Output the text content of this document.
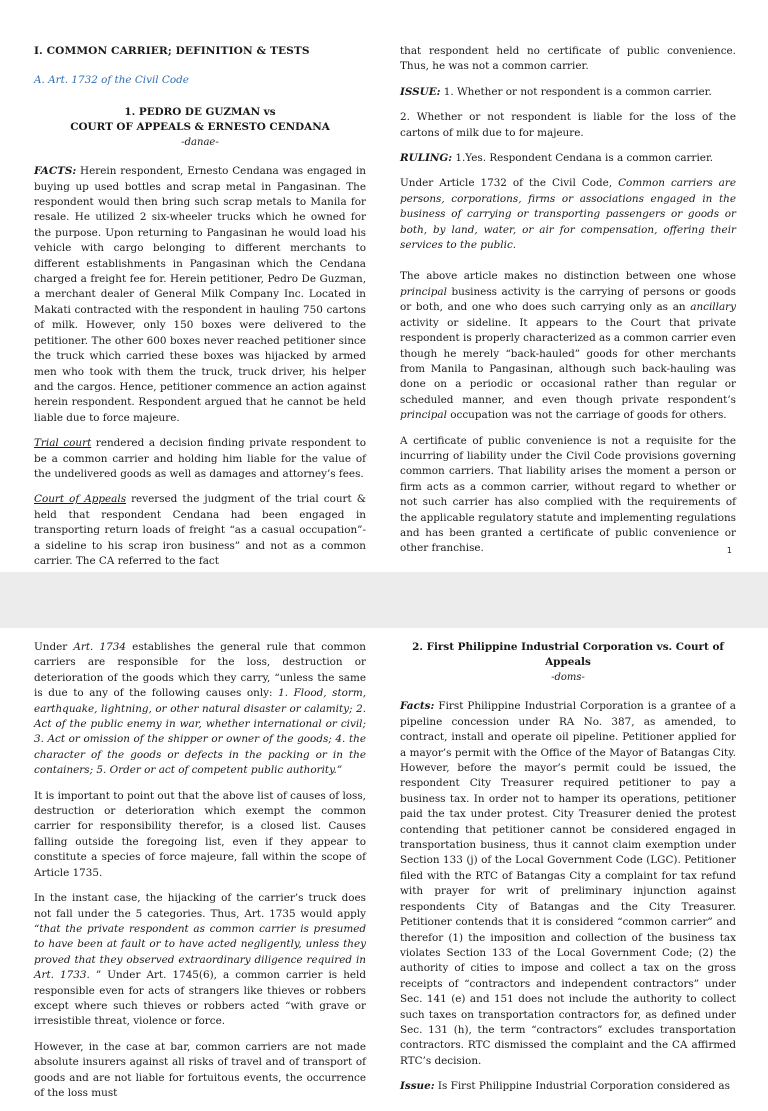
I. COMMON CARRIER; DEFINITION & TESTS

A. Art. 1732 of the Civil Code

1. PEDRO DE GUZMAN vs

COURT OF APPEALS & ERNESTO CENDANA

-danae-

FACTS: Herein respondent, Ernesto Cendana was engaged in buying up used bottles and scrap metal in Pangasinan. The respondent would then bring such scrap metals to Manila for resale. He utilized 2 six-wheeler trucks which he owned for the purpose. Upon returning to Pangasinan he would load his vehicle with cargo belonging to different merchants to different establishments in Pangasinan which the Cendana charged a freight fee for. Herein petitioner, Pedro De Guzman, a merchant dealer of General Milk Company Inc. Located in Makati contracted with the respondent in hauling 750 cartons of milk. However, only 150 boxes were delivered to the petitioner. The other 600 boxes never reached petitioner since the truck which carried these boxes was hijacked by armed men who took with them the truck, truck driver, his helper and the cargos. Hence, petitioner commence an action against herein respondent. Respondent argued that he cannot be held liable due to force majeure.

Trial court rendered a decision finding private respondent to be a common carrier and holding him liable for the value of the undelivered goods as well as damages and attorney’s fees.

Court of Appeals reversed the judgment of the trial court & held that respondent Cendana had been engaged in transporting return loads of freight “as a casual occupation”- a sideline to his scrap iron business” and not as a common carrier. The CA referred to the fact

that respondent held no certificate of public convenience. Thus, he was not a common carrier.

ISSUE: 1. Whether or not respondent is a common carrier.

2. Whether or not respondent is liable for the loss of the cartons of milk due to for majeure.

RULING: 1.Yes. Respondent Cendana is a common carrier.

Under Article 1732 of the Civil Code, Common carriers are persons, corporations, firms or associations engaged in the business of carrying or transporting passengers or goods or both, by land, water, or air for compensation, offering their services to the public.

The above article makes no distinction between one whose principal business activity is the carrying of persons or goods or both, and one who does such carrying only as an ancillary activity or sideline. It appears to the Court that private respondent is properly characterized as a common carrier even though he merely “back-hauled” goods for other merchants from Manila to Pangasinan, although such back-hauling was done on a periodic or occasional rather than regular or scheduled manner, and even though private respondent’s principal occupation was not the carriage of goods for others.

A certificate of public convenience is not a requisite for the incurring of liability under the Civil Code provisions governing common carriers. That liability arises the moment a person or firm acts as a common carrier, without regard to whether or not such carrier has also complied with the requirements of the applicable regulatory statute and implementing regulations and has been granted a certificate of public convenience or other franchise.	1

Under Art. 1734 establishes the general rule that common carriers are responsible for the loss, destruction or deterioration of the goods which they carry, “unless the same is due to any of the following causes only: 1. Flood, storm, earthquake, lightning, or other natural disaster or calamity; 2. Act of the public enemy in war, whether international or civil; 3. Act or omission of the shipper or owner of the goods; 4. the character of the goods or defects in the packing or in the containers; 5. Order or act of competent public authority.”

It is important to point out that the above list of causes of loss, destruction or deterioration which exempt the common carrier for responsibility therefor, is a closed list. Causes falling outside the foregoing list, even if they appear to constitute a species of force majeure, fall within the scope of Article 1735.

In the instant case, the hijacking of the carrier’s truck does not fall under the 5 categories. Thus, Art. 1735 would apply “that the private respondent as common carrier is presumed to have been at fault or to have acted negligently, unless they proved that they observed extraordinary diligence required in Art. 1733. ” Under Art. 1745(6), a common carrier is held responsible even for acts of strangers like thieves or robbers except where such thieves or robbers acted “with grave or irresistible threat, violence or force.

However, in the case at bar, common carriers are not made absolute insurers against all risks of travel and of transport of goods and are not liable for fortuitous events, the occurrence of the loss must

2. First Philippine Industrial Corporation vs. Court of

Appeals

-doms-

Facts: First Philippine Industrial Corporation is a grantee of a pipeline concession under RA No. 387, as amended, to contract, install and operate oil pipeline. Petitioner applied for a mayor’s permit with the Office of the Mayor of Batangas City. However, before the mayor’s permit could be issued, the respondent City Treasurer required petitioner to pay a business tax. In order not to hamper its operations, petitioner paid the tax under protest. City Treasurer denied the protest contending that petitioner cannot be considered engaged in transportation business, thus it cannot claim exemption under Section 133 (j) of the Local Government Code (LGC). Petitioner filed with the RTC of Batangas City a complaint for tax refund with prayer for writ of preliminary injunction against respondents City of Batangas and the City Treasurer. Petitioner contends that it is considered “common carrier” and therefor (1) the imposition and collection of the business tax violates Section 133 of the Local Government Code; (2) the authority of cities to impose and collect a tax on the gross receipts of “contractors and independent contractors” under Sec. 141 (e) and 151 does not include the authority to collect such taxes on transportation contractors for, as defined under Sec. 131 (h), the term “contractors” excludes transportation contractors. RTC dismissed the complaint and the CA affirmed RTC’s decision.

Issue: Is First Philippine Industrial Corporation considered as
